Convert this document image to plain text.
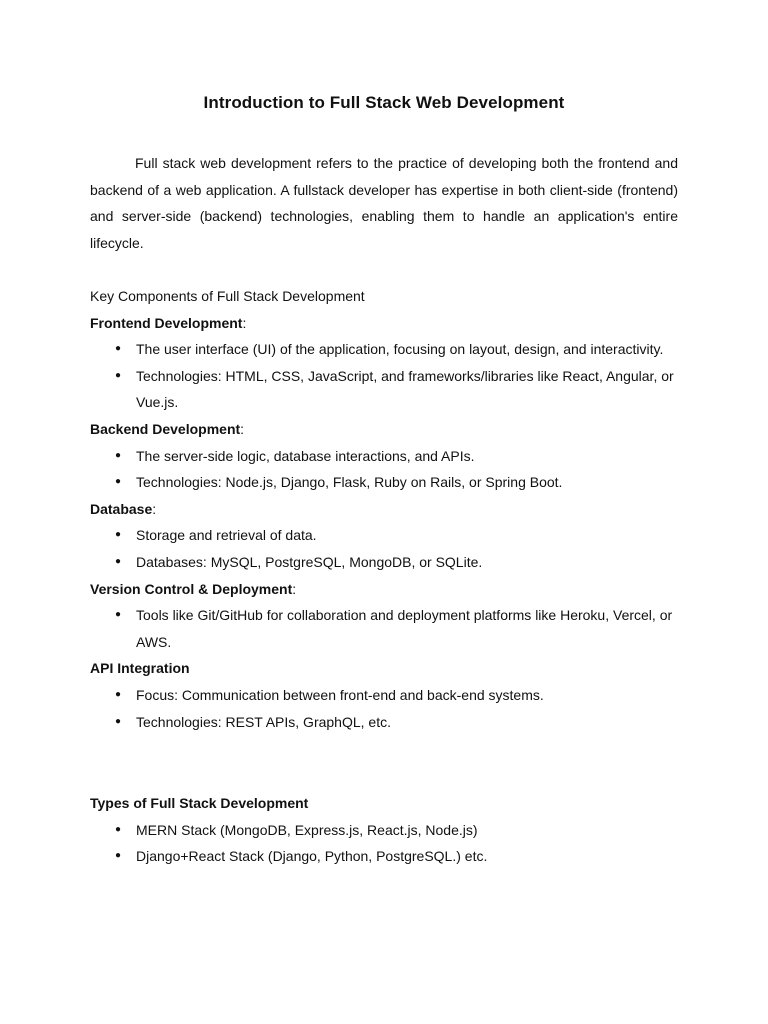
Introduction to Full Stack Web Development

Full stack web development refers to the practice of developing both the frontend and backend of a web application. A fullstack developer has expertise in both client-side (frontend) and server-side (backend) technologies, enabling them to handle an application's entire lifecycle.

Key Components of Full Stack Development

Frontend Development:

● The user interface (UI) of the application, focusing on layout, design, and interactivity.
● Technologies: HTML, CSS, JavaScript, and frameworks/libraries like React, Angular, or Vue.js.

Backend Development:

● The server-side logic, database interactions, and APIs.
● Technologies: Node.js, Django, Flask, Ruby on Rails, or Spring Boot.

Database:

● Storage and retrieval of data.
● Databases: MySQL, PostgreSQL, MongoDB, or SQLite.

Version Control & Deployment:

● Tools like Git/GitHub for collaboration and deployment platforms like Heroku, Vercel, or AWS.

API Integration

● Focus: Communication between front-end and back-end systems.
● Technologies: REST APIs, GraphQL, etc.

Types of Full Stack Development

● MERN Stack (MongoDB, Express.js, React.js, Node.js)
● Django+React Stack (Django, Python, PostgreSQL.) etc.
